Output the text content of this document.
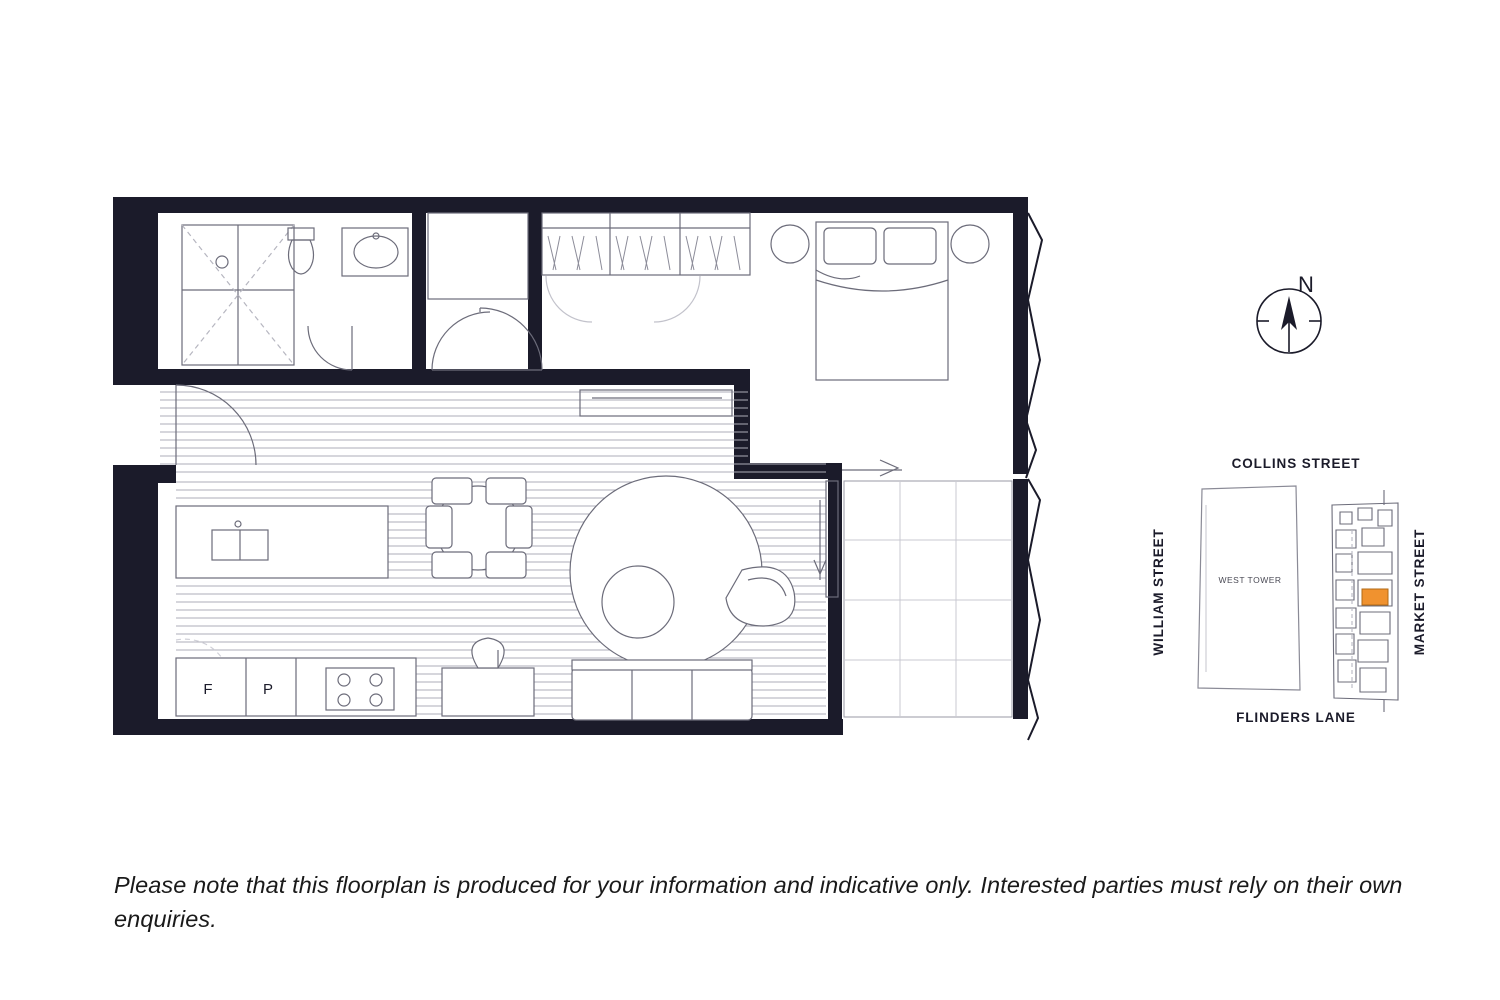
F	P
N
WEST TOWER
COLLINS STREET
WILLIAM STREET	MARKET STREET
FLINDERS LANE
Please note that this floorplan is produced for your information and indicative only. Interested parties must rely on their own enquiries.
